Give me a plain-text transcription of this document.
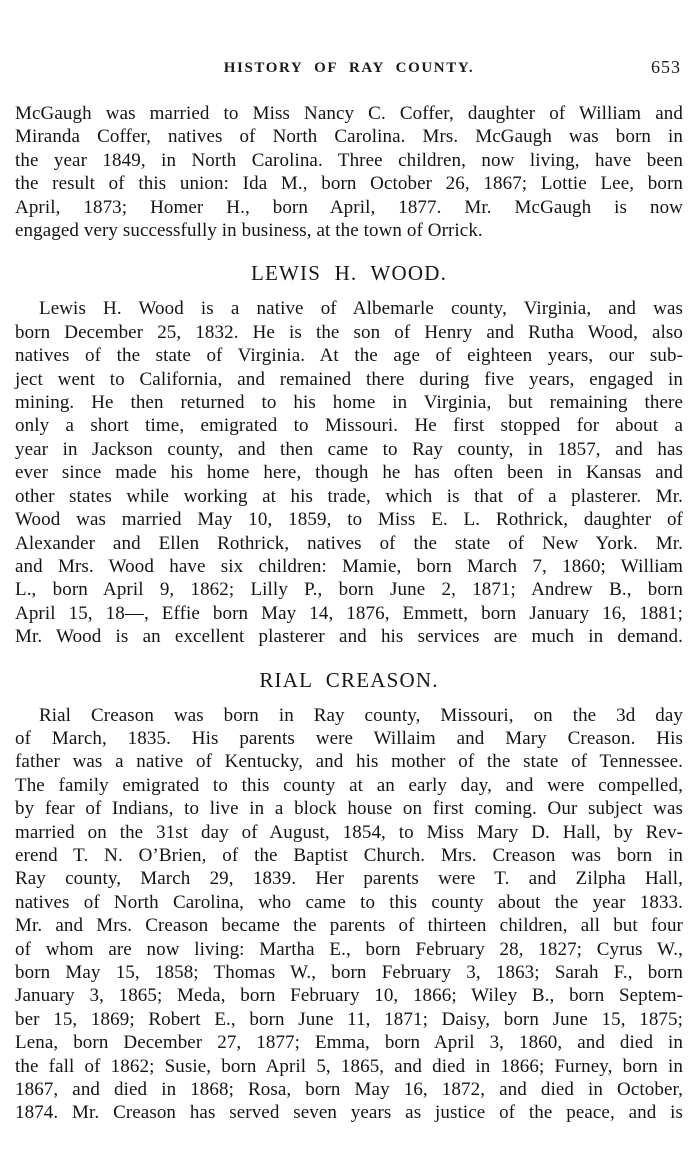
HISTORY OF RAY COUNTY.	653
McGaugh was married to Miss Nancy C. Coffer, daughter of William and
Miranda Coffer, natives of North Carolina. Mrs. McGaugh was born in
the year 1849, in North Carolina. Three children, now living, have been
the result of this union: Ida M., born October 26, 1867; Lottie Lee, born
April, 1873; Homer H., born April, 1877. Mr. McGaugh is now
engaged very successfully in business, at the town of Orrick.
LEWIS H. WOOD.
Lewis H. Wood is a native of Albemarle county, Virginia, and was
born December 25, 1832. He is the son of Henry and Rutha Wood, also
natives of the state of Virginia. At the age of eighteen years, our sub-
ject went to California, and remained there during five years, engaged in
mining. He then returned to his home in Virginia, but remaining there
only a short time, emigrated to Missouri. He first stopped for about a
year in Jackson county, and then came to Ray county, in 1857, and has
ever since made his home here, though he has often been in Kansas and
other states while working at his trade, which is that of a plasterer. Mr.
Wood was married May 10, 1859, to Miss E. L. Rothrick, daughter of
Alexander and Ellen Rothrick, natives of the state of New York. Mr.
and Mrs. Wood have six children: Mamie, born March 7, 1860; William
L., born April 9, 1862; Lilly P., born June 2, 1871; Andrew B., born
April 15, 18—, Effie born May 14, 1876, Emmett, born January 16, 1881;
Mr. Wood is an excellent plasterer and his services are much in demand.
RIAL CREASON.
Rial Creason was born in Ray county, Missouri, on the 3d day
of March, 1835. His parents were Willaim and Mary Creason. His
father was a native of Kentucky, and his mother of the state of Tennessee.
The family emigrated to this county at an early day, and were compelled,
by fear of Indians, to live in a block house on first coming. Our subject was
married on the 31st day of August, 1854, to Miss Mary D. Hall, by Rev-
erend T. N. O’Brien, of the Baptist Church. Mrs. Creason was born in
Ray county, March 29, 1839. Her parents were T. and Zilpha Hall,
natives of North Carolina, who came to this county about the year 1833.
Mr. and Mrs. Creason became the parents of thirteen children, all but four
of whom are now living: Martha E., born February 28, 1827; Cyrus W.,
born May 15, 1858; Thomas W., born February 3, 1863; Sarah F., born
January 3, 1865; Meda, born February 10, 1866; Wiley B., born Septem-
ber 15, 1869; Robert E., born June 11, 1871; Daisy, born June 15, 1875;
Lena, born December 27, 1877; Emma, born April 3, 1860, and died in
the fall of 1862; Susie, born April 5, 1865, and died in 1866; Furney, born in
1867, and died in 1868; Rosa, born May 16, 1872, and died in October,
1874. Mr. Creason has served seven years as justice of the peace, and is
